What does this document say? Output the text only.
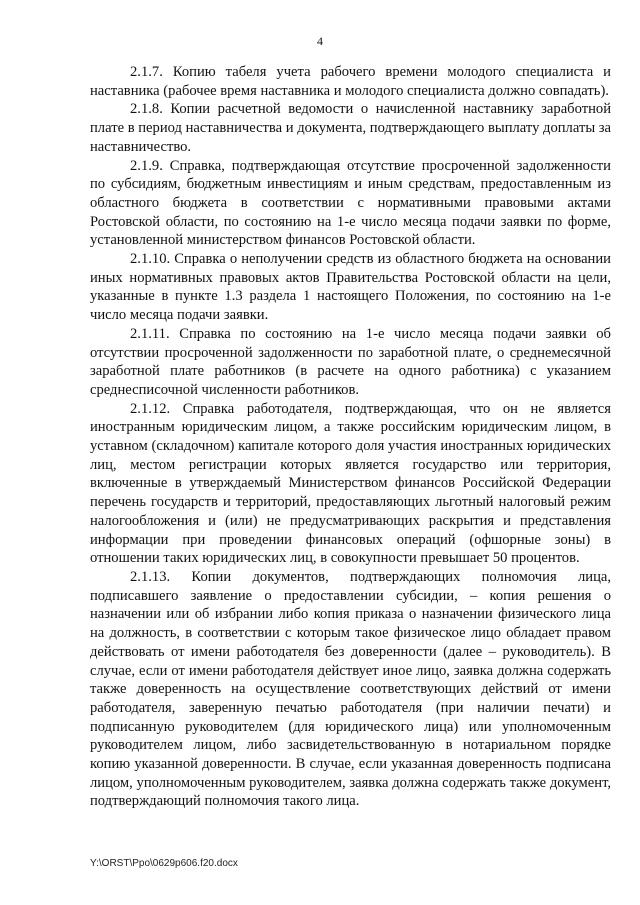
4

2.1.7. Копию табеля учета рабочего времени молодого специалиста и наставника (рабочее время наставника и молодого специалиста должно совпадать).

2.1.8. Копии расчетной ведомости о начисленной наставнику заработной плате в период наставничества и документа, подтверждающего выплату доплаты за наставничество.

2.1.9. Справка, подтверждающая отсутствие просроченной задолженности по субсидиям, бюджетным инвестициям и иным средствам, предоставленным из областного бюджета в соответствии с нормативными правовыми актами Ростовской области, по состоянию на 1-е число месяца подачи заявки по форме, установленной министерством финансов Ростовской области.

2.1.10. Справка о неполучении средств из областного бюджета на основании иных нормативных правовых актов Правительства Ростовской области на цели, указанные в пункте 1.3 раздела 1 настоящего Положения, по состоянию на 1-е число месяца подачи заявки.

2.1.11. Справка по состоянию на 1-е число месяца подачи заявки об отсутствии просроченной задолженности по заработной плате, о среднемесячной заработной плате работников (в расчете на одного работника) с указанием среднесписочной численности работников.

2.1.12. Справка работодателя, подтверждающая, что он не является иностранным юридическим лицом, а также российским юридическим лицом, в уставном (складочном) капитале которого доля участия иностранных юридических лиц, местом регистрации которых является государство или территория, включенные в утверждаемый Министерством финансов Российской Федерации перечень государств и территорий, предоставляющих льготный налоговый режим налогообложения и (или) не предусматривающих раскрытия и представления информации при проведении финансовых операций (офшорные зоны) в отношении таких юридических лиц, в совокупности превышает 50 процентов.

2.1.13. Копии документов, подтверждающих полномочия лица, подписавшего заявление о предоставлении субсидии, – копия решения о назначении или об избрании либо копия приказа о назначении физического лица на должность, в соответствии с которым такое физическое лицо обладает правом действовать от имени работодателя без доверенности (далее – руководитель). В случае, если от имени работодателя действует иное лицо, заявка должна содержать также доверенность на осуществление соответствующих действий от имени работодателя, заверенную печатью работодателя (при наличии печати) и подписанную руководителем (для юридического лица) или уполномоченным руководителем лицом, либо засвидетельствованную в нотариальном порядке копию указанной доверенности. В случае, если указанная доверенность подписана лицом, уполномоченным руководителем, заявка должна содержать также документ, подтверждающий полномочия такого лица.

Y:\ORST\Ppo\0629p606.f20.docx
